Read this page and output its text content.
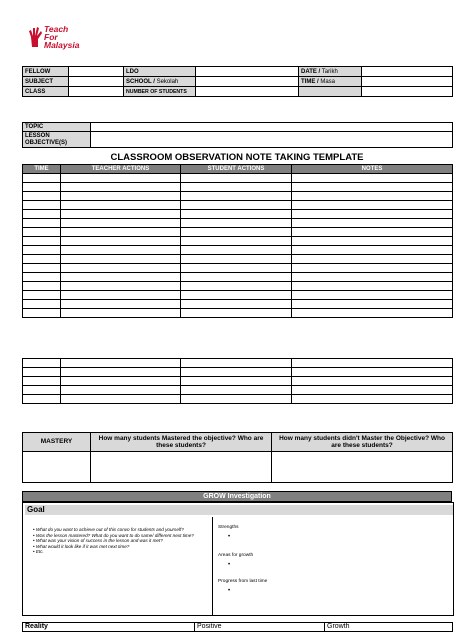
Teach
For
Malaysia
FELLOW		LDO		DATE / Tarikh	
SUBJECT		SCHOOL / Sekolah		TIME / Masa	
CLASS		NUMBER OF STUDENTS			
TOPIC	

LESSON
OBJECTIVE(S)	

CLASSROOM OBSERVATION NOTE TAKING TEMPLATE
TIME	TEACHER ACTIONS	STUDENT ACTIONS	NOTES

MASTERY	How many students Mastered the objective? Who are these students?	How many students didn't Master the Objective? Who are these students?

GROW Investigation
Goal
• What do you want to achieve out of this convo for students and yourself?
• Was the lesson mastered? What do you want to do same/ different next time?
• What was your vision of success in the lesson and was it met?
• What would it look like if it was met next time?
• Etc.
Strengths
•
Areas for growth
•
Progress from last time
•
Reality	Positive	Growth
